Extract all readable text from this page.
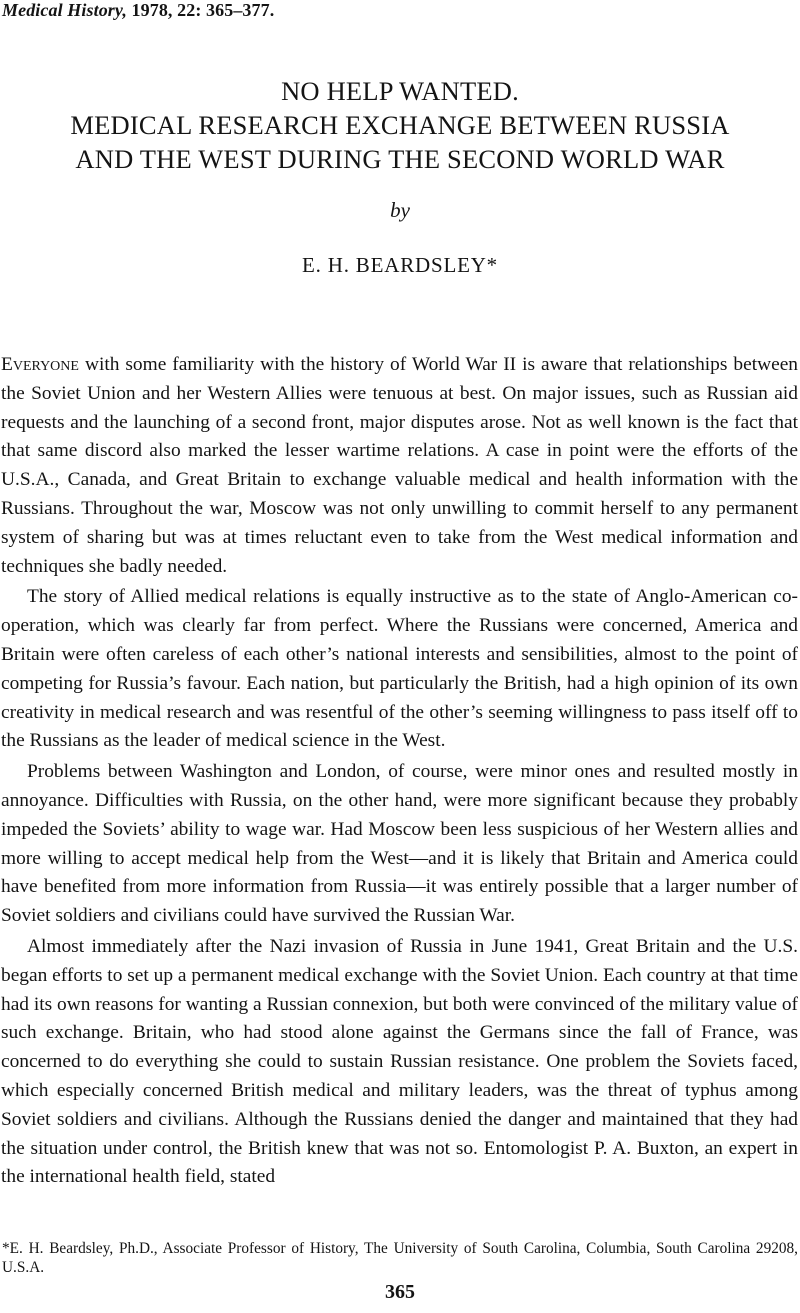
Medical History, 1978, 22: 365–377.
NO HELP WANTED.
MEDICAL RESEARCH EXCHANGE BETWEEN RUSSIA
AND THE WEST DURING THE SECOND WORLD WAR
by
E. H. BEARDSLEY*

Everyone with some familiarity with the history of World War II is aware that relationships between the Soviet Union and her Western Allies were tenuous at best. On major issues, such as Russian aid requests and the launching of a second front, major disputes arose. Not as well known is the fact that that same discord also marked the lesser wartime relations. A case in point were the efforts of the U.S.A., Canada, and Great Britain to exchange valuable medical and health information with the Russians. Throughout the war, Moscow was not only unwilling to commit herself to any permanent system of sharing but was at times reluctant even to take from the West medical information and techniques she badly needed.

The story of Allied medical relations is equally instructive as to the state of Anglo-American co-operation, which was clearly far from perfect. Where the Russians were concerned, America and Britain were often careless of each other’s national interests and sensibilities, almost to the point of competing for Russia’s favour. Each nation, but particularly the British, had a high opinion of its own creativity in medical research and was resentful of the other’s seeming willingness to pass itself off to the Russians as the leader of medical science in the West.

Problems between Washington and London, of course, were minor ones and resulted mostly in annoyance. Difficulties with Russia, on the other hand, were more significant because they probably impeded the Soviets’ ability to wage war. Had Moscow been less suspicious of her Western allies and more willing to accept medical help from the West—and it is likely that Britain and America could have benefited from more information from Russia—it was entirely possible that a larger number of Soviet soldiers and civilians could have survived the Russian War.

Almost immediately after the Nazi invasion of Russia in June 1941, Great Britain and the U.S. began efforts to set up a permanent medical exchange with the Soviet Union. Each country at that time had its own reasons for wanting a Russian connexion, but both were convinced of the military value of such exchange. Britain, who had stood alone against the Germans since the fall of France, was concerned to do everything she could to sustain Russian resistance. One problem the Soviets faced, which especially concerned British medical and military leaders, was the threat of typhus among Soviet soldiers and civilians. Although the Russians denied the danger and maintained that they had the situation under control, the British knew that was not so. Entomologist P. A. Buxton, an expert in the international health field, stated

*E. H. Beardsley, Ph.D., Associate Professor of History, The University of South Carolina, Columbia, South Carolina 29208, U.S.A.
365
